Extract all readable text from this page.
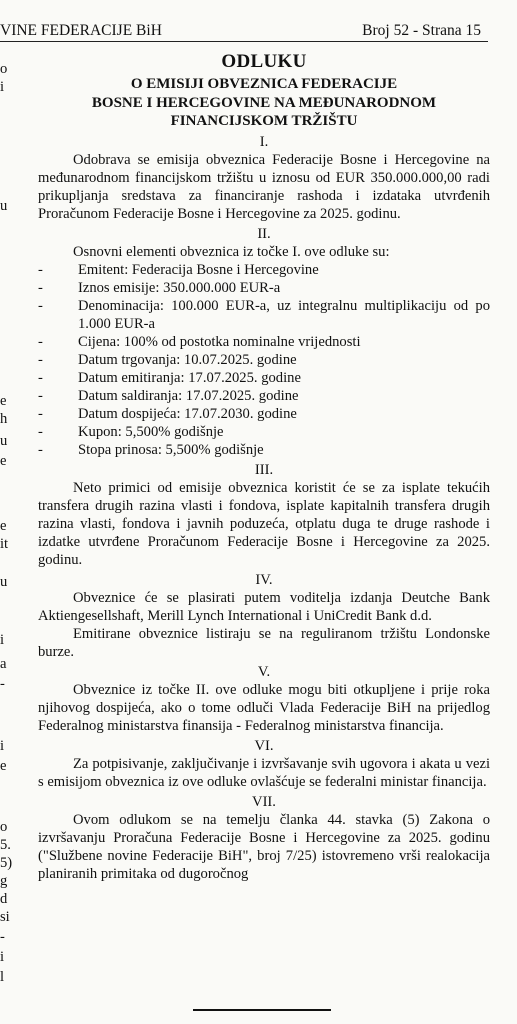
VINE FEDERACIJE BiH	Broj 52 - Strana 15
o
i
u
e
h
u
e
e
it
u
i
a
-
i
e
o
5.
5)
g
d
si
-
i
l
ODLUKU
O EMISIJI OBVEZNICA FEDERACIJE
BOSNE I HERCEGOVINE NA MEĐUNARODNOM
FINANCIJSKOM TRŽIŠTU
I.

Odobrava se emisija obveznica Federacije Bosne i Hercegovine na međunarodnom financijskom tržištu u iznosu od EUR 350.000.000,00 radi prikupljanja sredstava za financiranje rashoda i izdataka utvrđenih Proračunom Federacije Bosne i Hercegovine za 2025. godinu.

II.

Osnovni elementi obveznica iz točke I. ove odluke su:

- Emitent: Federacija Bosne i Hercegovine
- Iznos emisije: 350.000.000 EUR-a
- Denominacija: 100.000 EUR-a, uz integralnu multiplikaciju od po 1.000 EUR-a
- Cijena: 100% od postotka nominalne vrijednosti
- Datum trgovanja: 10.07.2025. godine
- Datum emitiranja: 17.07.2025. godine
- Datum saldiranja: 17.07.2025. godine
- Datum dospijeća: 17.07.2030. godine
- Kupon: 5,500% godišnje
- Stopa prinosa: 5,500% godišnje
III.

Neto primici od emisije obveznica koristit će se za isplate tekućih transfera drugih razina vlasti i fondova, isplate kapitalnih transfera drugih razina vlasti, fondova i javnih poduzeća, otplatu duga te druge rashode i izdatke utvrđene Proračunom Federacije Bosne i Hercegovine za 2025. godinu.

IV.

Obveznice će se plasirati putem voditelja izdanja Deutche Bank Aktiengesellshaft, Merill Lynch International i UniCredit Bank d.d.

Emitirane obveznice listiraju se na reguliranom tržištu Londonske burze.

V.

Obveznice iz točke II. ove odluke mogu biti otkupljene i prije roka njihovog dospijeća, ako o tome odluči Vlada Federacije BiH na prijedlog Federalnog ministarstva finansija - Federalnog ministarstva financija.

VI.

Za potpisivanje, zaključivanje i izvršavanje svih ugovora i akata u vezi s emisijom obveznica iz ove odluke ovlašćuje se federalni ministar financija.

VII.

Ovom odlukom se na temelju članka 44. stavka (5) Zakona o izvršavanju Proračuna Federacije Bosne i Hercegovine za 2025. godinu ("Službene novine Federacije BiH", broj 7/25) istovremeno vrši realokacija planiranih primitaka od dugoročnog
